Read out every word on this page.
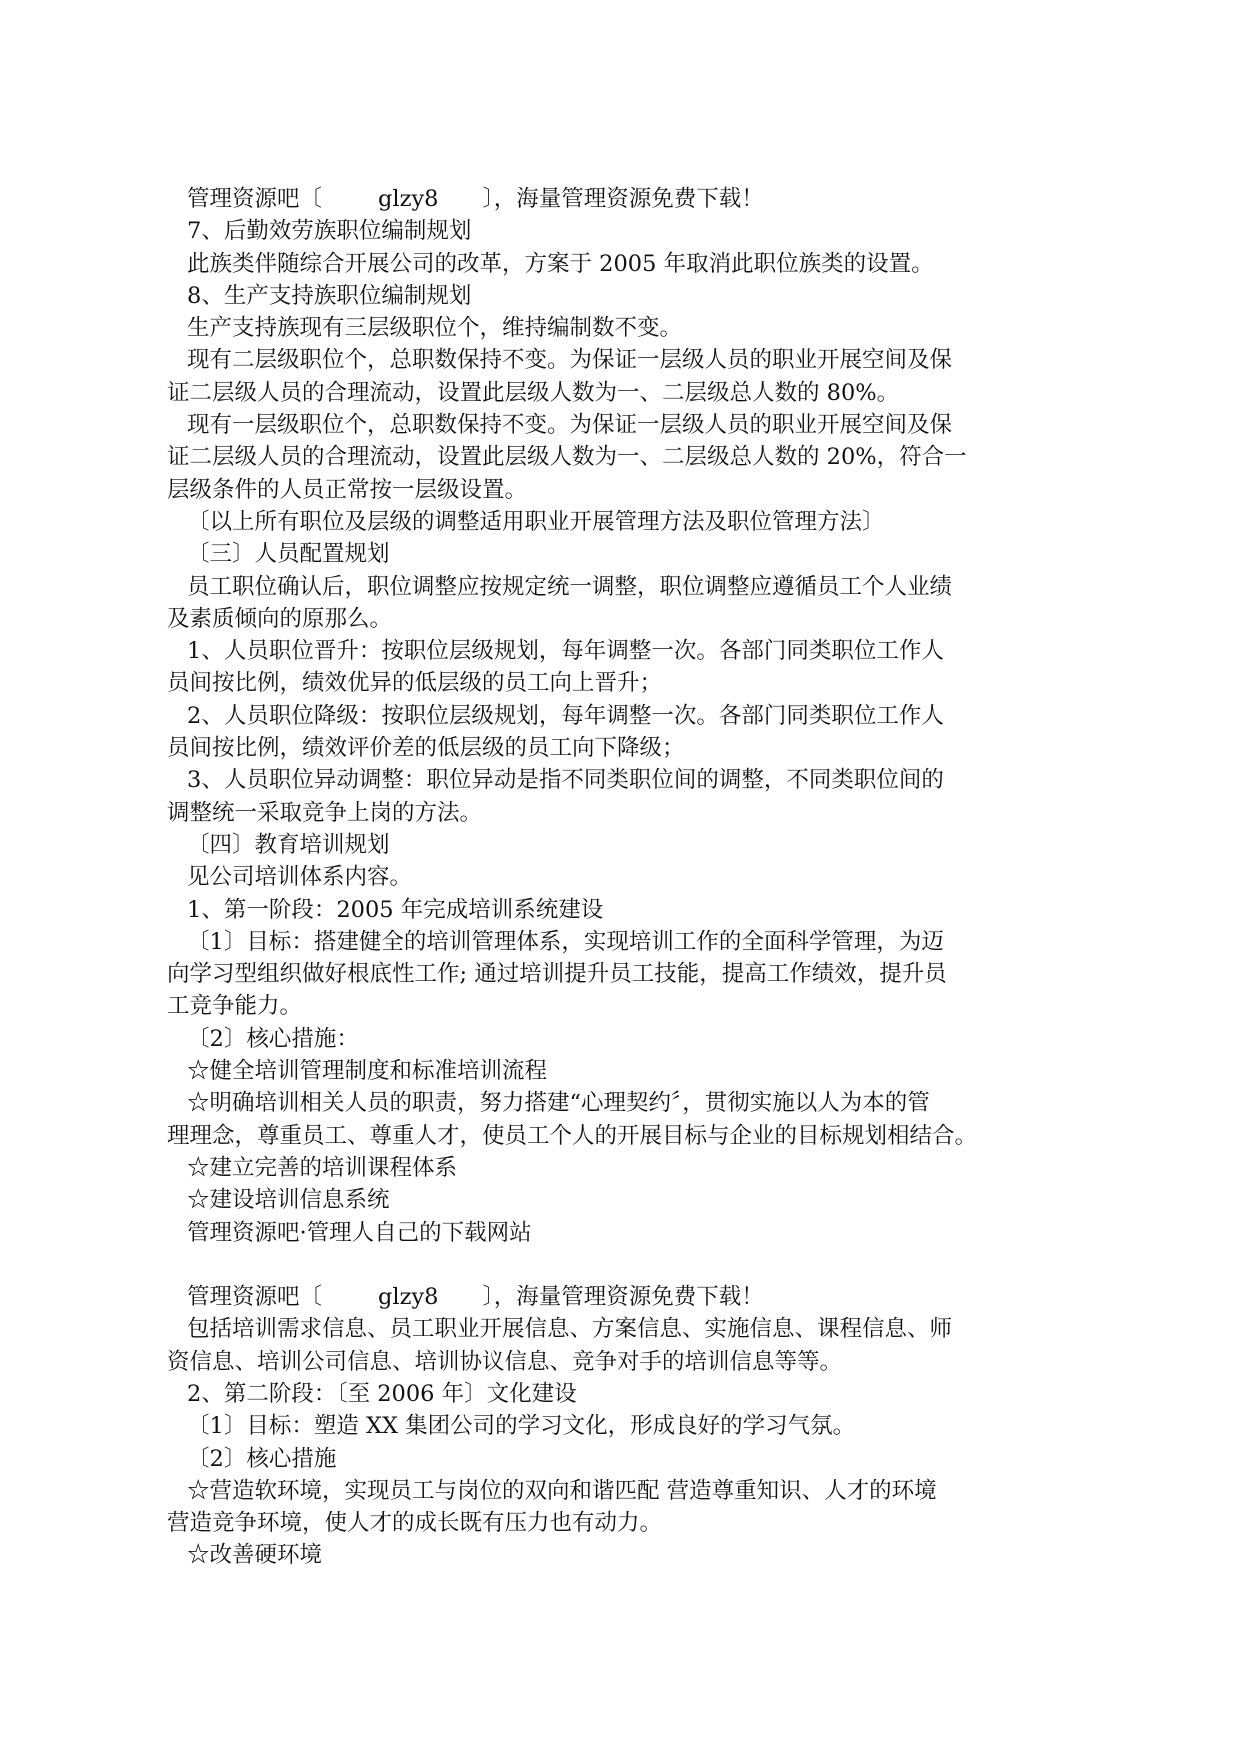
管理资源吧〔 glzy8 〕，海量管理资源免费下载！
7、后勤效劳族职位编制规划
此族类伴随综合开展公司的改革，方案于 2005 年取消此职位族类的设置。
8、生产支持族职位编制规划
生产支持族现有三层级职位个，维持编制数不变。
现有二层级职位个，总职数保持不变。为保证一层级人员的职业开展空间及保
证二层级人员的合理流动，设置此层级人数为一、二层级总人数的 80%。
现有一层级职位个，总职数保持不变。为保证一层级人员的职业开展空间及保
证二层级人员的合理流动，设置此层级人数为一、二层级总人数的 20%，符合一
层级条件的人员正常按一层级设置。
〔以上所有职位及层级的调整适用职业开展管理方法及职位管理方法〕
〔三〕人员配置规划
员工职位确认后，职位调整应按规定统一调整，职位调整应遵循员工个人业绩
及素质倾向的原那么。
1、人员职位晋升：按职位层级规划，每年调整一次。各部门同类职位工作人
员间按比例，绩效优异的低层级的员工向上晋升；
2、人员职位降级：按职位层级规划，每年调整一次。各部门同类职位工作人
员间按比例，绩效评价差的低层级的员工向下降级；
3、人员职位异动调整：职位异动是指不同类职位间的调整，不同类职位间的
调整统一采取竞争上岗的方法。
〔四〕教育培训规划
见公司培训体系内容。
1、第一阶段：2005 年完成培训系统建设
〔1〕目标：搭建健全的培训管理体系，实现培训工作的全面科学管理，为迈
向学习型组织做好根底性工作; 通过培训提升员工技能，提高工作绩效，提升员
工竞争能力。
〔2〕核心措施：
☆健全培训管理制度和标准培训流程
☆明确培训相关人员的职责，努力搭建“心理契约〞，贯彻实施以人为本的管
理理念，尊重员工、尊重人才，使员工个人的开展目标与企业的目标规划相结合。
☆建立完善的培训课程体系
☆建设培训信息系统
管理资源吧·管理人自己的下载网站
管理资源吧〔 glzy8 〕，海量管理资源免费下载！
包括培训需求信息、员工职业开展信息、方案信息、实施信息、课程信息、师
资信息、培训公司信息、培训协议信息、竞争对手的培训信息等等。
2、第二阶段：〔至 2006 年〕文化建设
〔1〕目标：塑造 XX 集团公司的学习文化，形成良好的学习气氛。
〔2〕核心措施
☆营造软环境，实现员工与岗位的双向和谐匹配 营造尊重知识、人才的环境
营造竞争环境，使人才的成长既有压力也有动力。
☆改善硬环境
